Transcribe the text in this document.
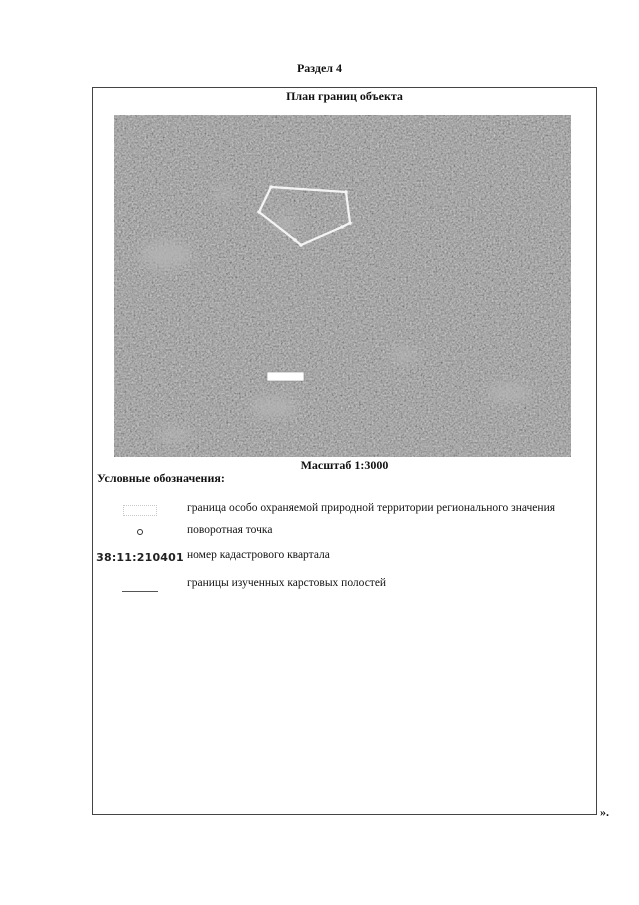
Раздел 4
План границ объекта
Масштаб 1:3000
Условные обозначения:
граница особо охраняемой природной территории регионального значения
поворотная точка
38:11:210401 номер кадастрового квартала
границы изученных карстовых полостей
».
